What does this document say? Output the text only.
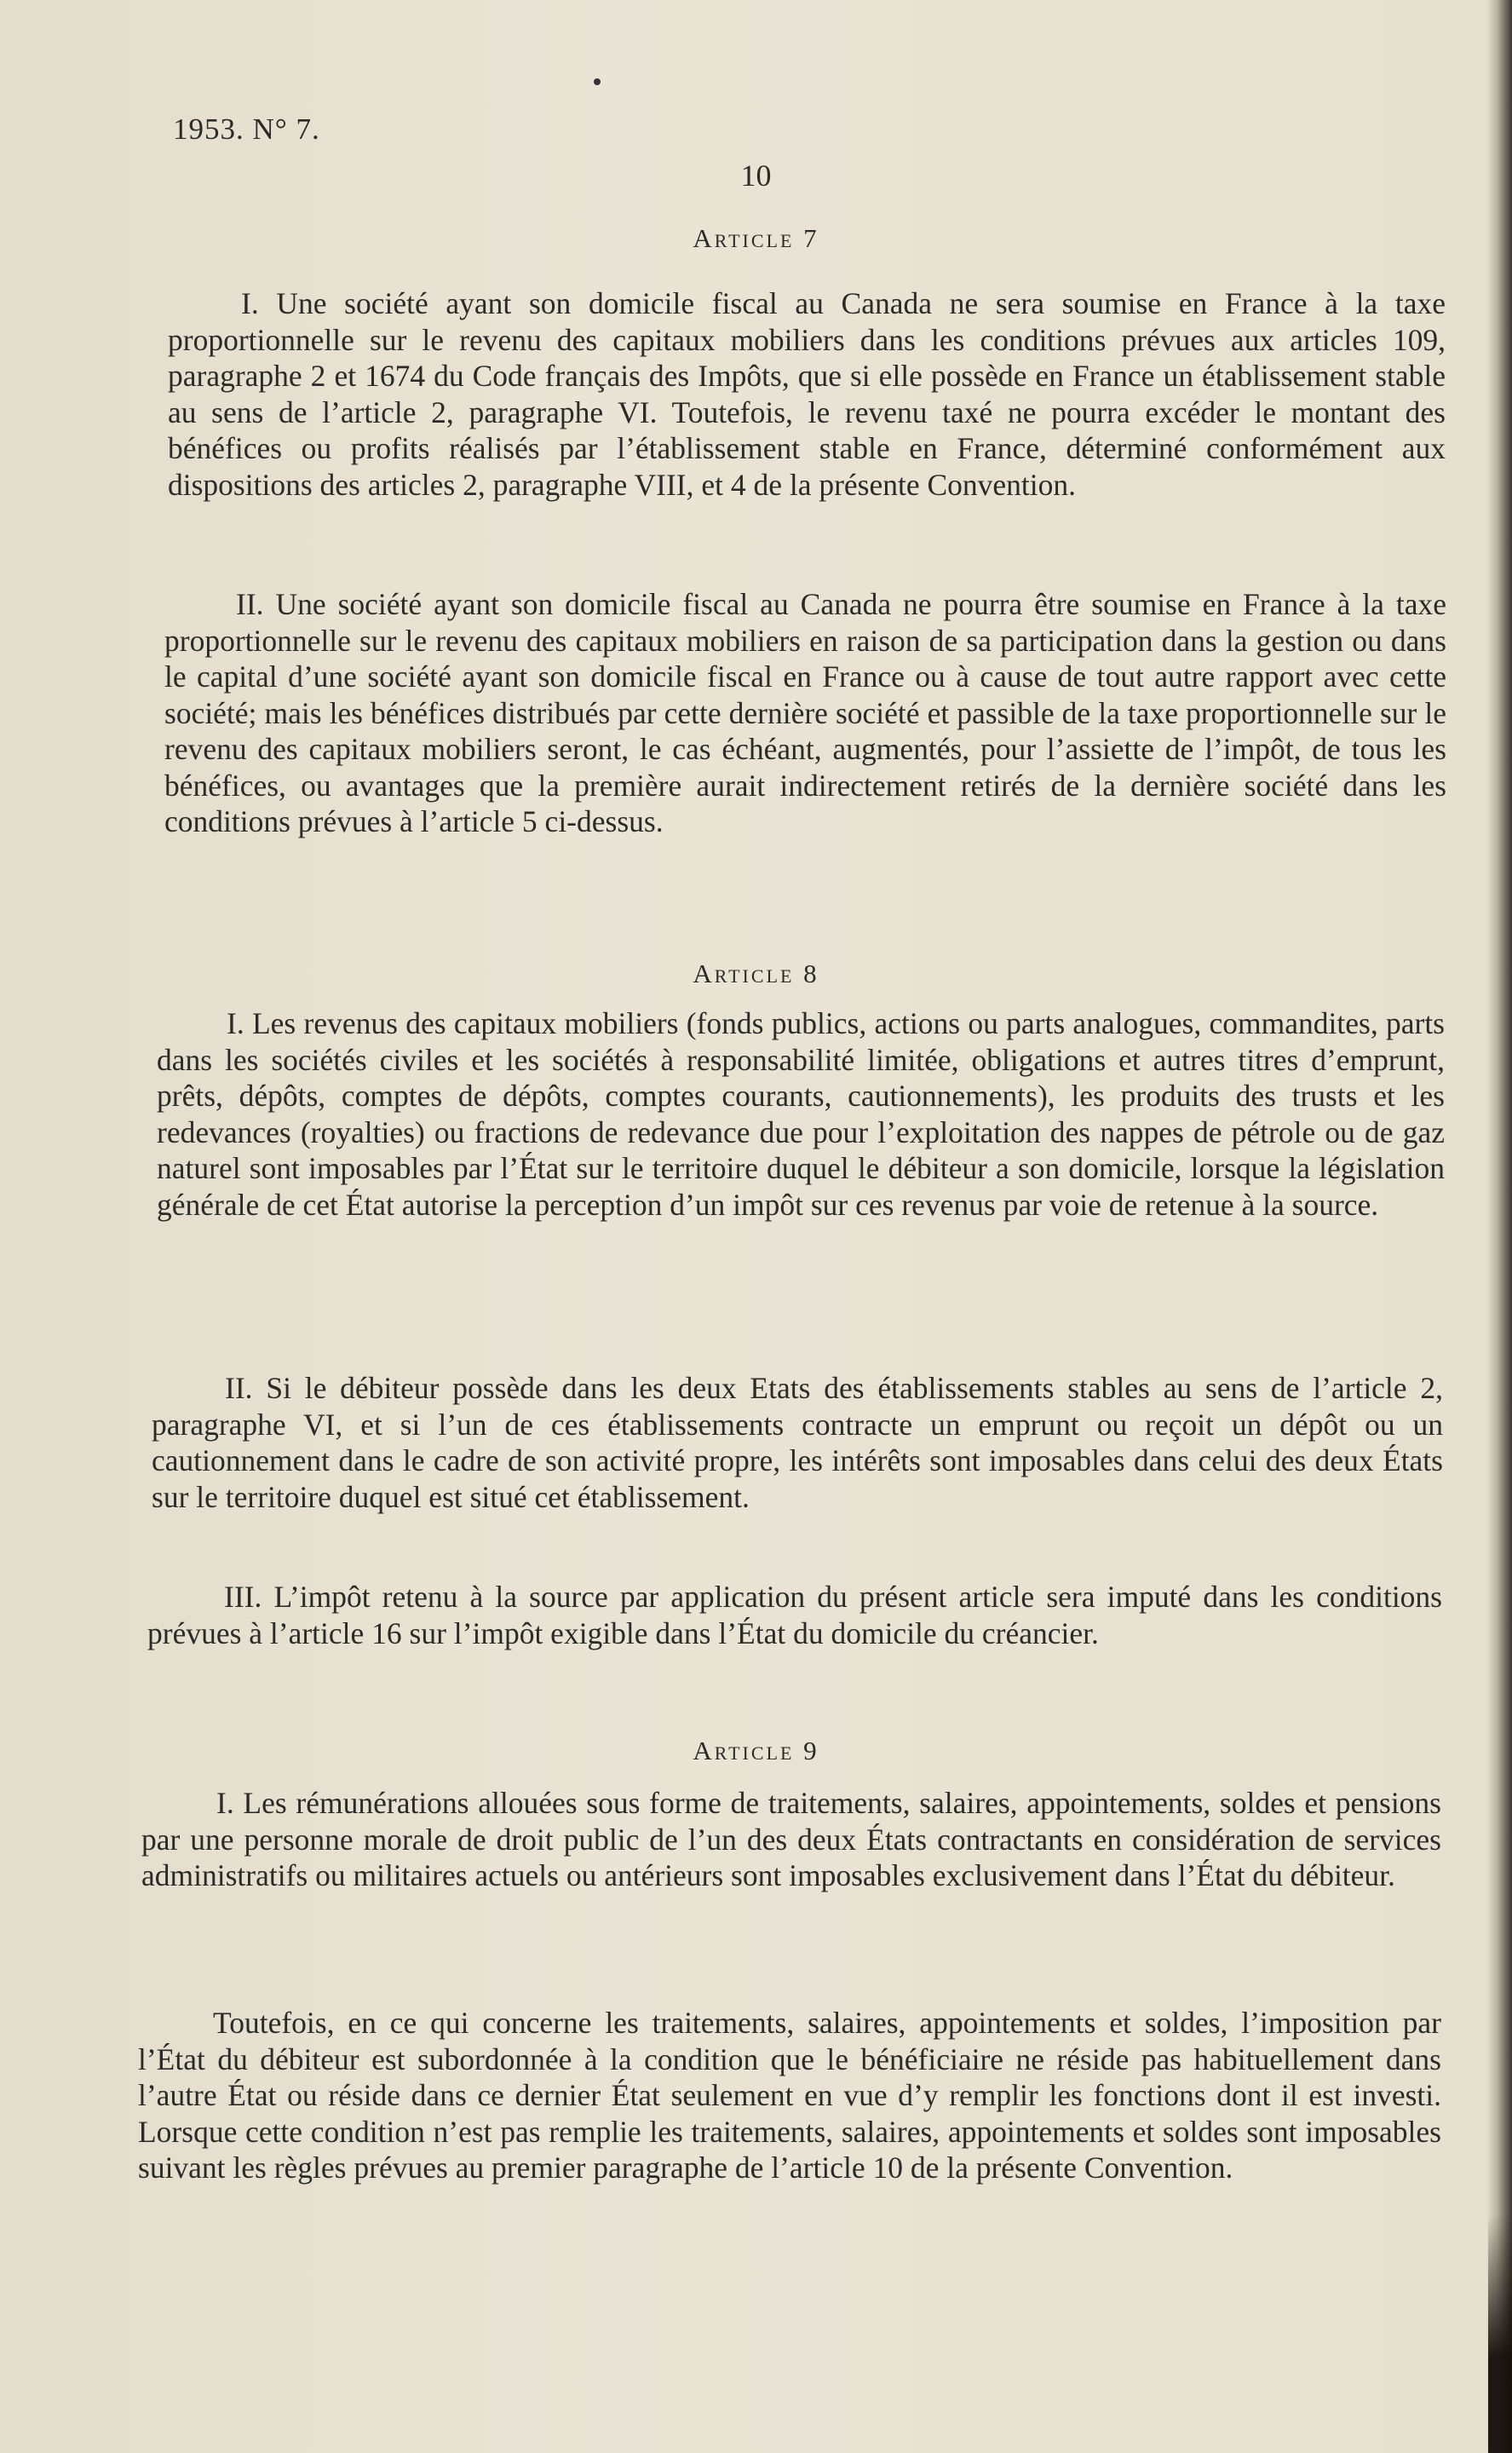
1953. N° 7.
10
Article 7

I. Une société ayant son domicile fiscal au Canada ne sera soumise en France à la taxe proportionnelle sur le revenu des capitaux mobiliers dans les conditions prévues aux articles 109, paragraphe 2 et 1674 du Code français des Impôts, que si elle possède en France un établissement stable au sens de l’article 2, paragraphe VI. Toutefois, le revenu taxé ne pourra excéder le montant des bénéfices ou profits réalisés par l’établissement stable en France, déterminé conformément aux dispositions des articles 2, paragraphe VIII, et 4 de la présente Convention.

II. Une société ayant son domicile fiscal au Canada ne pourra être soumise en France à la taxe proportionnelle sur le revenu des capitaux mobiliers en raison de sa participation dans la gestion ou dans le capital d’une société ayant son domicile fiscal en France ou à cause de tout autre rapport avec cette société; mais les bénéfices distribués par cette dernière société et passible de la taxe proportionnelle sur le revenu des capitaux mobiliers seront, le cas échéant, augmentés, pour l’assiette de l’impôt, de tous les bénéfices, ou avantages que la première aurait indirectement retirés de la dernière société dans les conditions prévues à l’article 5 ci-dessus.

Article 8

I. Les revenus des capitaux mobiliers (fonds publics, actions ou parts analogues, commandites, parts dans les sociétés civiles et les sociétés à responsabilité limitée, obligations et autres titres d’emprunt, prêts, dépôts, comptes de dépôts, comptes courants, cautionnements), les produits des trusts et les redevances (royalties) ou fractions de redevance due pour l’exploitation des nappes de pétrole ou de gaz naturel sont imposables par l’État sur le territoire duquel le débiteur a son domicile, lorsque la législation générale de cet État autorise la perception d’un impôt sur ces revenus par voie de retenue à la source.

II. Si le débiteur possède dans les deux Etats des établissements stables au sens de l’article 2, paragraphe VI, et si l’un de ces établissements contracte un emprunt ou reçoit un dépôt ou un cautionnement dans le cadre de son activité propre, les intérêts sont imposables dans celui des deux États sur le territoire duquel est situé cet établissement.

III. L’impôt retenu à la source par application du présent article sera imputé dans les conditions prévues à l’article 16 sur l’impôt exigible dans l’État du domicile du créancier.

Article 9

I. Les rémunérations allouées sous forme de traitements, salaires, appointements, soldes et pensions par une personne morale de droit public de l’un des deux États contractants en considération de services administratifs ou militaires actuels ou antérieurs sont imposables exclusivement dans l’État du débiteur.

Toutefois, en ce qui concerne les traitements, salaires, appointements et soldes, l’imposition par l’État du débiteur est subordonnée à la condition que le bénéficiaire ne réside pas habituellement dans l’autre État ou réside dans ce dernier État seulement en vue d’y remplir les fonctions dont il est investi. Lorsque cette condition n’est pas remplie les traitements, salaires, appointements et soldes sont imposables suivant les règles prévues au premier paragraphe de l’article 10 de la présente Convention.
